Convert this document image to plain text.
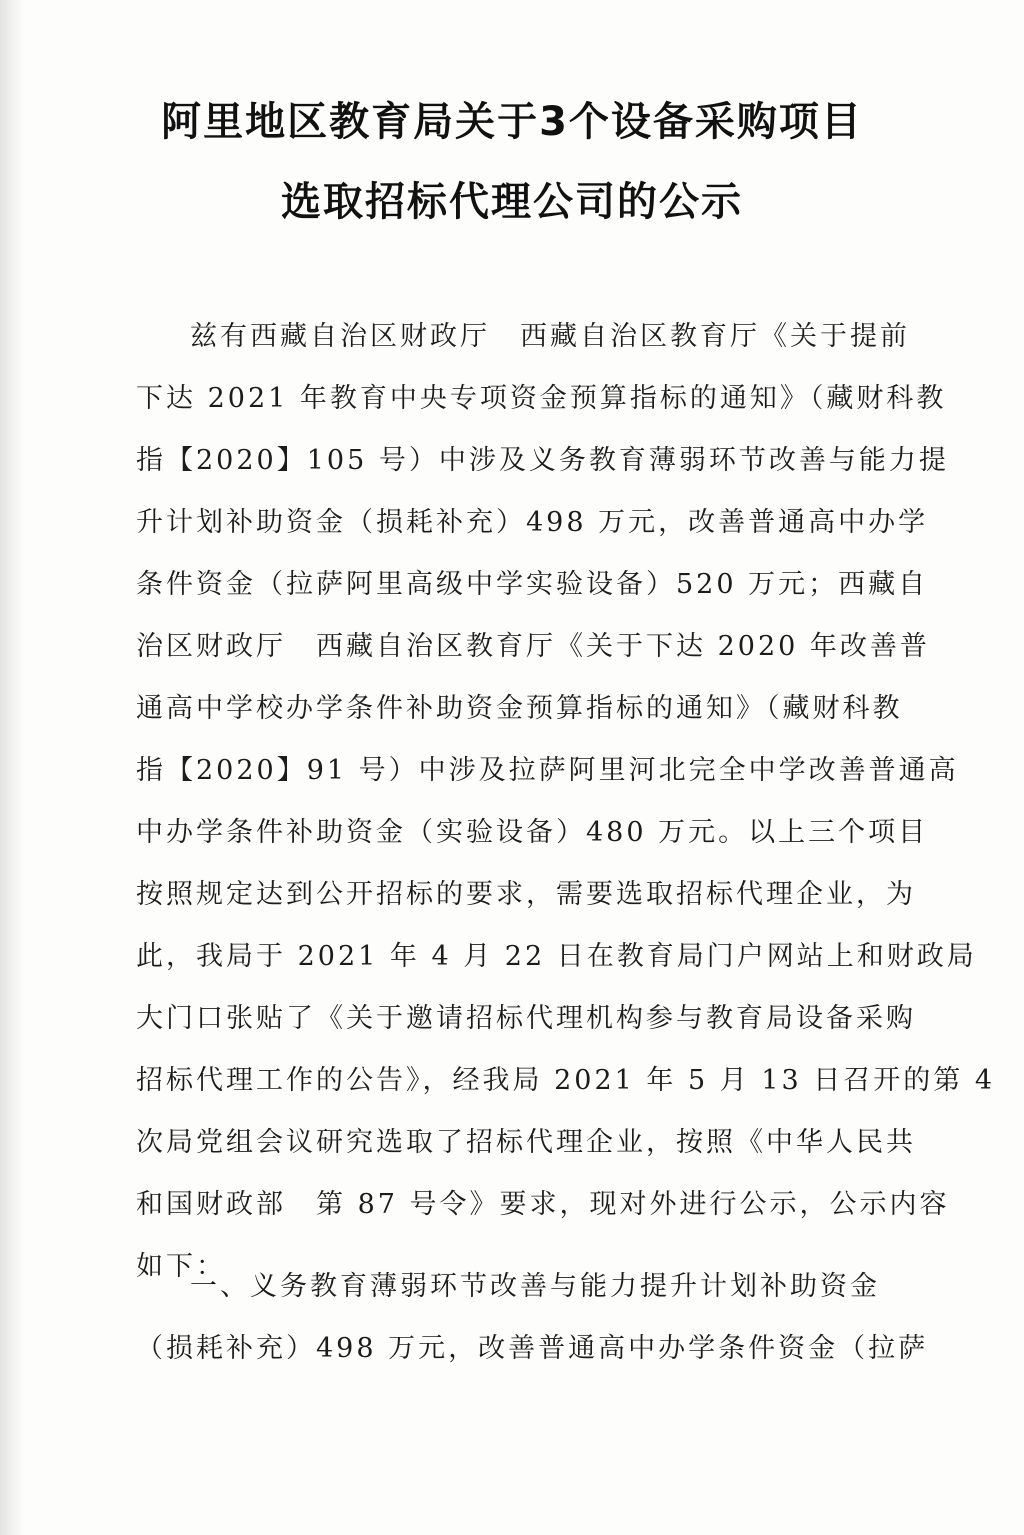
阿里地区教育局关于3个设备采购项目
选取招标代理公司的公示
兹有西藏自治区财政厅　西藏自治区教育厅《关于提前
下达 2021 年教育中央专项资金预算指标的通知》（藏财科教
指【2020】105 号）中涉及义务教育薄弱环节改善与能力提
升计划补助资金（损耗补充）498 万元，改善普通高中办学
条件资金（拉萨阿里高级中学实验设备）520 万元；西藏自
治区财政厅　西藏自治区教育厅《关于下达 2020 年改善普
通高中学校办学条件补助资金预算指标的通知》（藏财科教
指【2020】91 号）中涉及拉萨阿里河北完全中学改善普通高
中办学条件补助资金（实验设备）480 万元。以上三个项目
按照规定达到公开招标的要求，需要选取招标代理企业，为
此，我局于 2021 年 4 月 22 日在教育局门户网站上和财政局
大门口张贴了《关于邀请招标代理机构参与教育局设备采购
招标代理工作的公告》，经我局 2021 年 5 月 13 日召开的第 4
次局党组会议研究选取了招标代理企业，按照《中华人民共
和国财政部　第 87 号令》要求，现对外进行公示，公示内容
如下：
一、义务教育薄弱环节改善与能力提升计划补助资金
（损耗补充）498 万元，改善普通高中办学条件资金（拉萨
